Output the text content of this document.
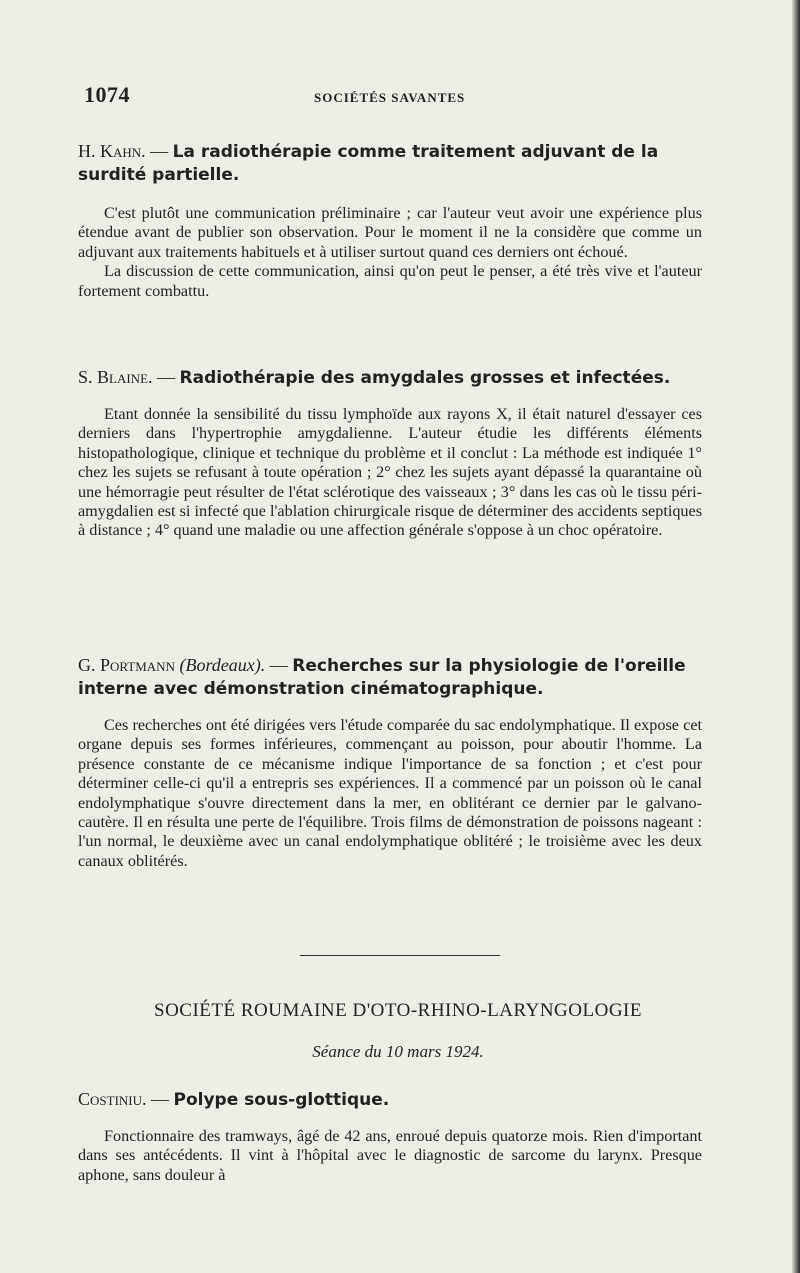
1074	SOCIÉTÉS SAVANTES

H. Kahn. — La radiothérapie comme traitement adjuvant de la surdité partielle.

C'est plutôt une communication préliminaire ; car l'auteur veut avoir une expérience plus étendue avant de publier son observation. Pour le moment il ne la considère que comme un adjuvant aux traitements habituels et à utiliser surtout quand ces derniers ont échoué.

La discussion de cette communication, ainsi qu'on peut le penser, a été très vive et l'auteur fortement combattu.

S. Blaine. — Radiothérapie des amygdales grosses et infectées.

Etant donnée la sensibilité du tissu lymphoïde aux rayons X, il était naturel d'essayer ces derniers dans l'hypertrophie amygdalienne. L'auteur étudie les différents éléments histopathologique, clinique et technique du problème et il conclut : La méthode est indiquée 1° chez les sujets se refusant à toute opération ; 2° chez les sujets ayant dépassé la quarantaine où une hémorragie peut résulter de l'état sclérotique des vaisseaux ; 3° dans les cas où le tissu péri-amygdalien est si infecté que l'ablation chirurgicale risque de déterminer des accidents septiques à distance ; 4° quand une maladie ou une affection générale s'oppose à un choc opératoire.

G. Portmann (Bordeaux). — Recherches sur la physiologie de l'oreille interne avec démonstration cinématographique.

Ces recherches ont été dirigées vers l'étude comparée du sac endolymphatique. Il expose cet organe depuis ses formes inférieures, commençant au poisson, pour aboutir l'homme. La présence constante de ce mécanisme indique l'importance de sa fonction ; et c'est pour déterminer celle-ci qu'il a entrepris ses expériences. Il a commencé par un poisson où le canal endolymphatique s'ouvre directement dans la mer, en oblitérant ce dernier par le galvano-cautère. Il en résulta une perte de l'équilibre. Trois films de démonstration de poissons nageant : l'un normal, le deuxième avec un canal endolymphatique oblitéré ; le troisième avec les deux canaux oblitérés.

SOCIÉTÉ ROUMAINE D'OTO-RHINO-LARYNGOLOGIE
Séance du 10 mars 1924.

Costiniu. — Polype sous-glottique.

Fonctionnaire des tramways, âgé de 42 ans, enroué depuis quatorze mois. Rien d'important dans ses antécédents. Il vint à l'hôpital avec le diagnostic de sarcome du larynx. Presque aphone, sans douleur à
